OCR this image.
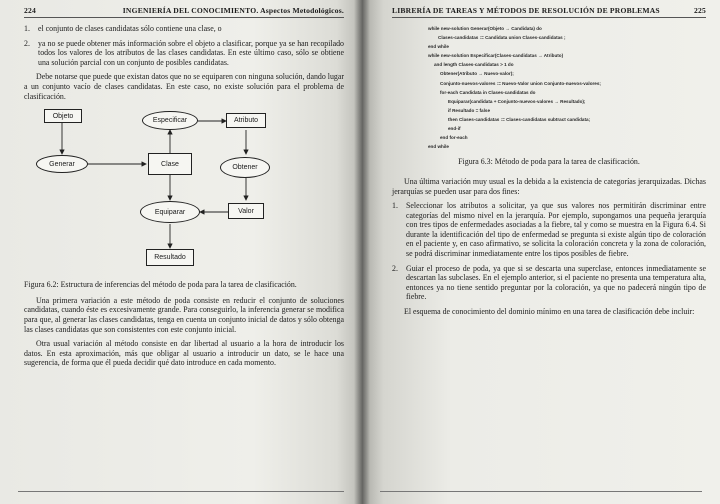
224	INGENIERÍA DEL CONOCIMIENTO. Aspectos Metodológicos.
1.	el conjunto de clases candidatas sólo contiene una clase, o
2.	ya no se puede obtener más información sobre el objeto a clasificar, porque ya se han recopilado todos los valores de los atributos de las clases candidatas. En este último caso, sólo se obtiene una solución parcial con un conjunto de posibles candidatas.

Debe notarse que puede que existan datos que no se equiparen con ninguna solución, dando lugar a un conjunto vacío de clases candidatas. En este caso, no existe solución para el problema de clasificación.

Objeto
Especificar	Atributo
Generar	Clase	Obtener
Equiparar	Valor
Resultado

Figura 6.2: Estructura de inferencias del método de poda para la tarea de clasificación.

Una primera variación a este método de poda consiste en reducir el conjunto de soluciones candidatas, cuando éste es excesivamente grande. Para conseguirlo, la inferencia generar se modifica para que, al generar las clases candidatas, tenga en cuenta un conjunto inicial de datos y sólo obtenga las clases candidatas que son consistentes con este conjunto inicial.

Otra usual variación al método consiste en dar libertad al usuario a la hora de introducir los datos. En esta aproximación, más que obligar al usuario a introducir un dato, se le hace una sugerencia, de forma que él pueda decidir qué dato introduce en cada momento.

LIBRERÍA DE TAREAS Y MÉTODOS DE RESOLUCIÓN DE PROBLEMAS	225
while new-solution Generar(Objeto → Candidata) do
Clases-candidatas := Candidata union Clases-candidatas ;
end while
while new-solution Especificar(Clases-candidatas → Atributo)
and length Clases-candidatas > 1 do
Obtener(Atributo → Nuevo-valor);
Conjunto-nuevos-valores := Nuevo-Valor union Conjunto-nuevos-valores;
for-each Candidata in Clases-candidatas do
Equiparar(candidata + Conjunto-nuevos-valores → Resultado);
if Resultado = false
then Clases-candidatas := Clases-candidatas subtract candidata;
end-if
end for-each
end while

Figura 6.3: Método de poda para la tarea de clasificación.

Una última variación muy usual es la debida a la existencia de categorías jerarquizadas. Dichas jerarquías se pueden usar para dos fines:

1.	Seleccionar los atributos a solicitar, ya que sus valores nos permitirán discriminar entre categorías del mismo nivel en la jerarquía. Por ejemplo, supongamos una pequeña jerarquía con tres tipos de enfermedades asociadas a la fiebre, tal y como se muestra en la Figura 6.4. Si durante la identificación del tipo de enfermedad se pregunta si existe algún tipo de coloración en el paciente y, en caso afirmativo, se solicita la coloración concreta y la zona de coloración, se podrá discriminar inmediatamente entre los tipos posibles de fiebre.
2.	Guiar el proceso de poda, ya que si se descarta una superclase, entonces inmediatamente se descartan las subclases. En el ejemplo anterior, si el paciente no presenta una temperatura alta, entonces ya no tiene sentido preguntar por la coloración, ya que no padecerá ningún tipo de fiebre.

El esquema de conocimiento del dominio mínimo en una tarea de clasificación debe incluir:
